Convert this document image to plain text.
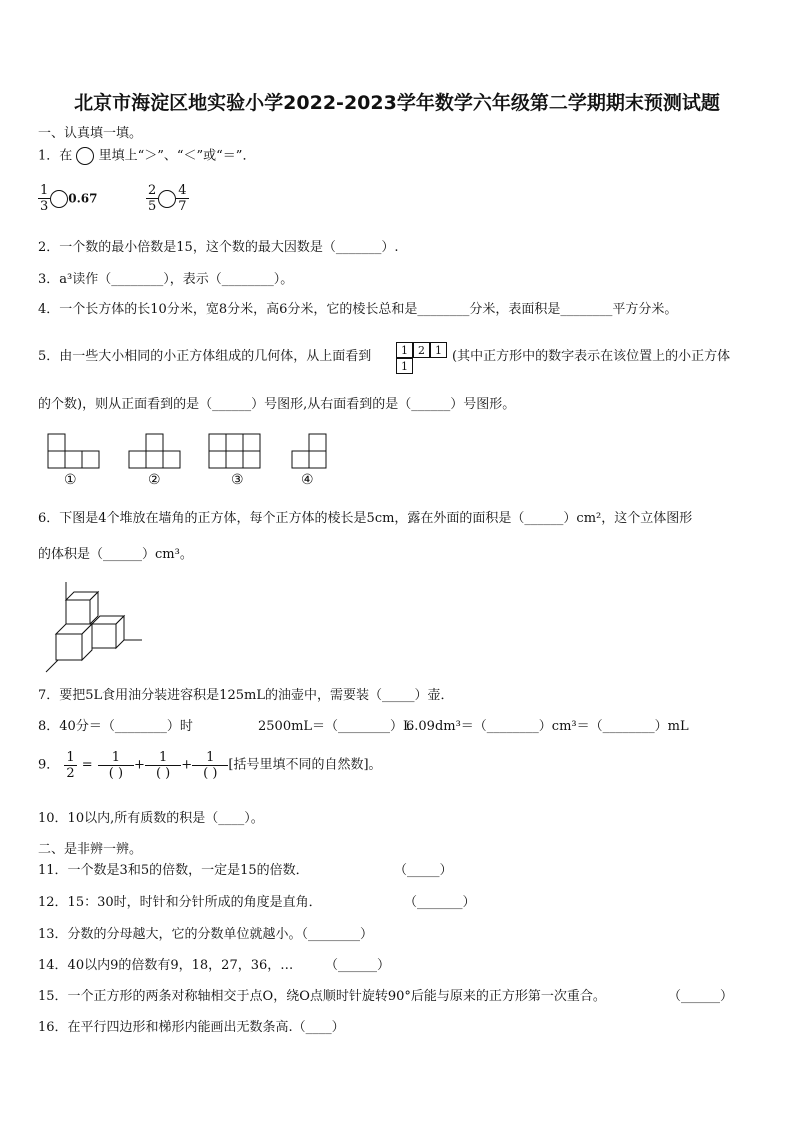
北京市海淀区地实验小学2022-2023学年数学六年级第二学期期末预测试题
一、认真填一填。
1．在 里填上“＞”、“＜”或“＝”．
$\frac{1}{3} 0.67$	$\frac{2}{5} \frac{4}{7}$
2．一个数的最小倍数是15，这个数的最大因数是（_______）.
3．a³读作（________），表示（________）。
4．一个长方体的长10分米，宽8分米，高6分米，它的棱长总和是________分米，表面积是________平方分米。
5．由一些大小相同的小正方体组成的几何体，从上面看到	1 2 1
1
(其中正方形中的数字表示在该位置上的小正方体
的个数)，则从正面看到的是（______）号图形,从右面看到的是（______）号图形。
①	②	③	④
6．下图是4个堆放在墙角的正方体，每个正方体的棱长是5cm，露在外面的面积是（______）cm²，这个立体图形
的体积是（______）cm³。
7．要把5L食用油分装进容积是125mL的油壶中，需要装（_____）壶．
8．40分＝（________）时	2500mL＝（________）L
6.09dm³＝（________）cm³＝（________）mL
9． $\frac{1}{2} = \frac{1}{( )} + \frac{1}{( )} + \frac{1}{( )}$ [括号里填不同的自然数]。
10．10以内,所有质数的积是（____）。
二、是非辨一辨。
11．一个数是3和5的倍数，一定是15的倍数．	（_____）
12．15：30时，时针和分针所成的角度是直角．	（_______）
13．分数的分母越大，它的分数单位就越小。（________）
14．40以内9的倍数有9，18，27，36，… （______）
15．一个正方形的两条对称轴相交于点O，绕O点顺时针旋转90°后能与原来的正方形第一次重合。	（______）
16．在平行四边形和梯形内能画出无数条高.（____）
